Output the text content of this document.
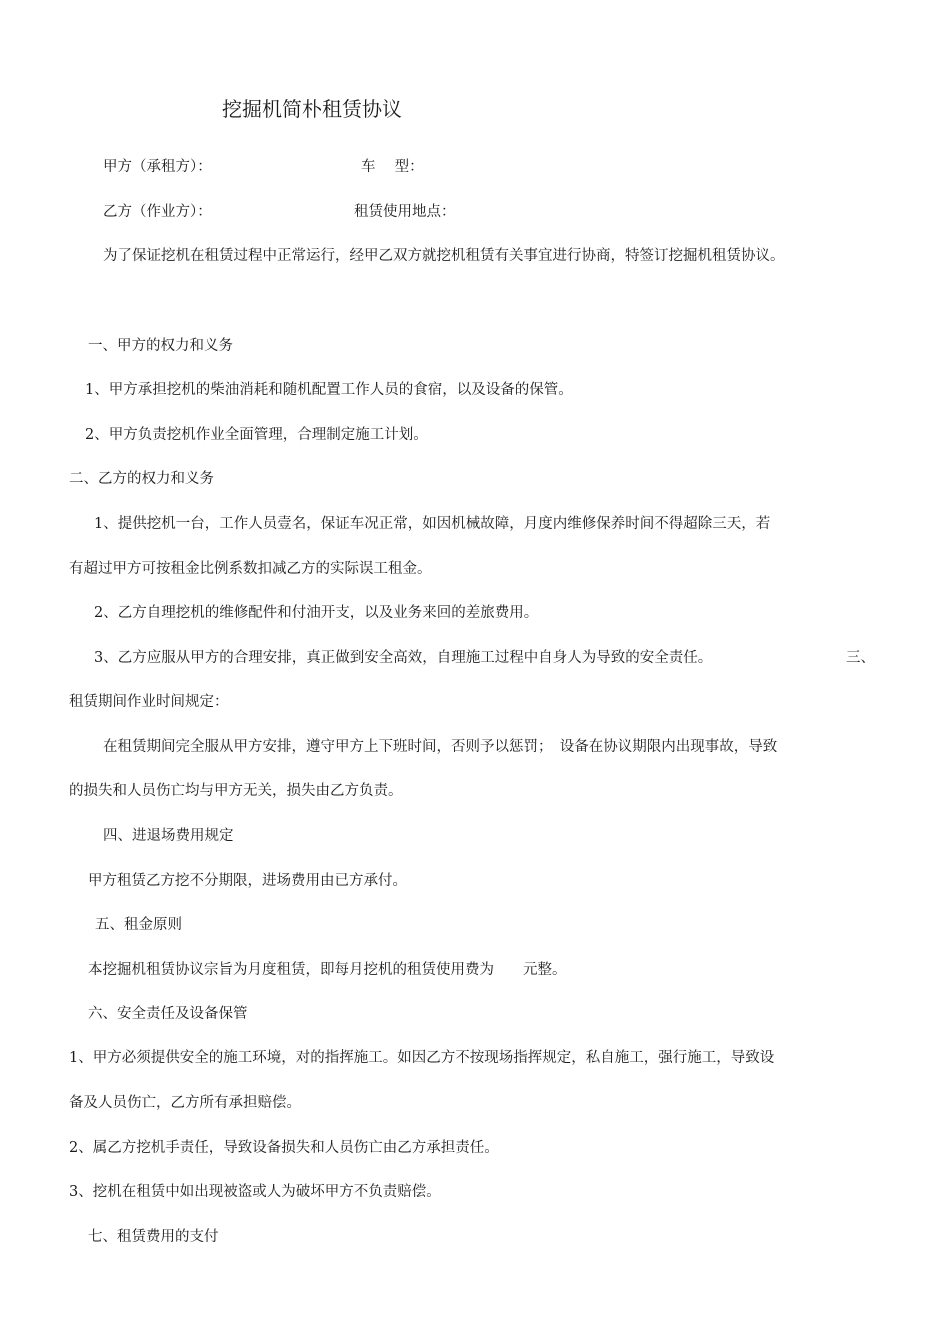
挖掘机简朴租赁协议
甲方（承租方）：	车　 型：
乙方（作业方）：	租赁使用地点：
为了保证挖机在租赁过程中正常运行，经甲乙双方就挖机租赁有关事宜进行协商，特签订挖掘机租赁协议。
一、甲方的权力和义务
1、甲方承担挖机的柴油消耗和随机配置工作人员的食宿，以及设备的保管。
2、甲方负责挖机作业全面管理，合理制定施工计划。
二、乙方的权力和义务
1、提供挖机一台，工作人员壹名，保证车况正常，如因机械故障，月度内维修保养时间不得超除三天，若
有超过甲方可按租金比例系数扣减乙方的实际误工租金。
2、乙方自理挖机的维修配件和付油开支，以及业务来回的差旅费用。
3、乙方应服从甲方的合理安排，真正做到安全高效，自理施工过程中自身人为导致的安全责任。	三、
租赁期间作业时间规定：
在租赁期间完全服从甲方安排，遵守甲方上下班时间，否则予以惩罚；　设备在协议期限内出现事故，导致
的损失和人员伤亡均与甲方无关，损失由乙方负责。
四、进退场费用规定
甲方租赁乙方挖不分期限，进场费用由已方承付。
五、租金原则
本挖掘机租赁协议宗旨为月度租赁，即每月挖机的租赁使用费为　　元整。
六、安全责任及设备保管
1、甲方必须提供安全的施工环境，对的指挥施工。如因乙方不按现场指挥规定，私自施工，强行施工，导致设
备及人员伤亡，乙方所有承担赔偿。
2、属乙方挖机手责任，导致设备损失和人员伤亡由乙方承担责任。
3、挖机在租赁中如出现被盗或人为破坏甲方不负责赔偿。
七、租赁费用的支付
